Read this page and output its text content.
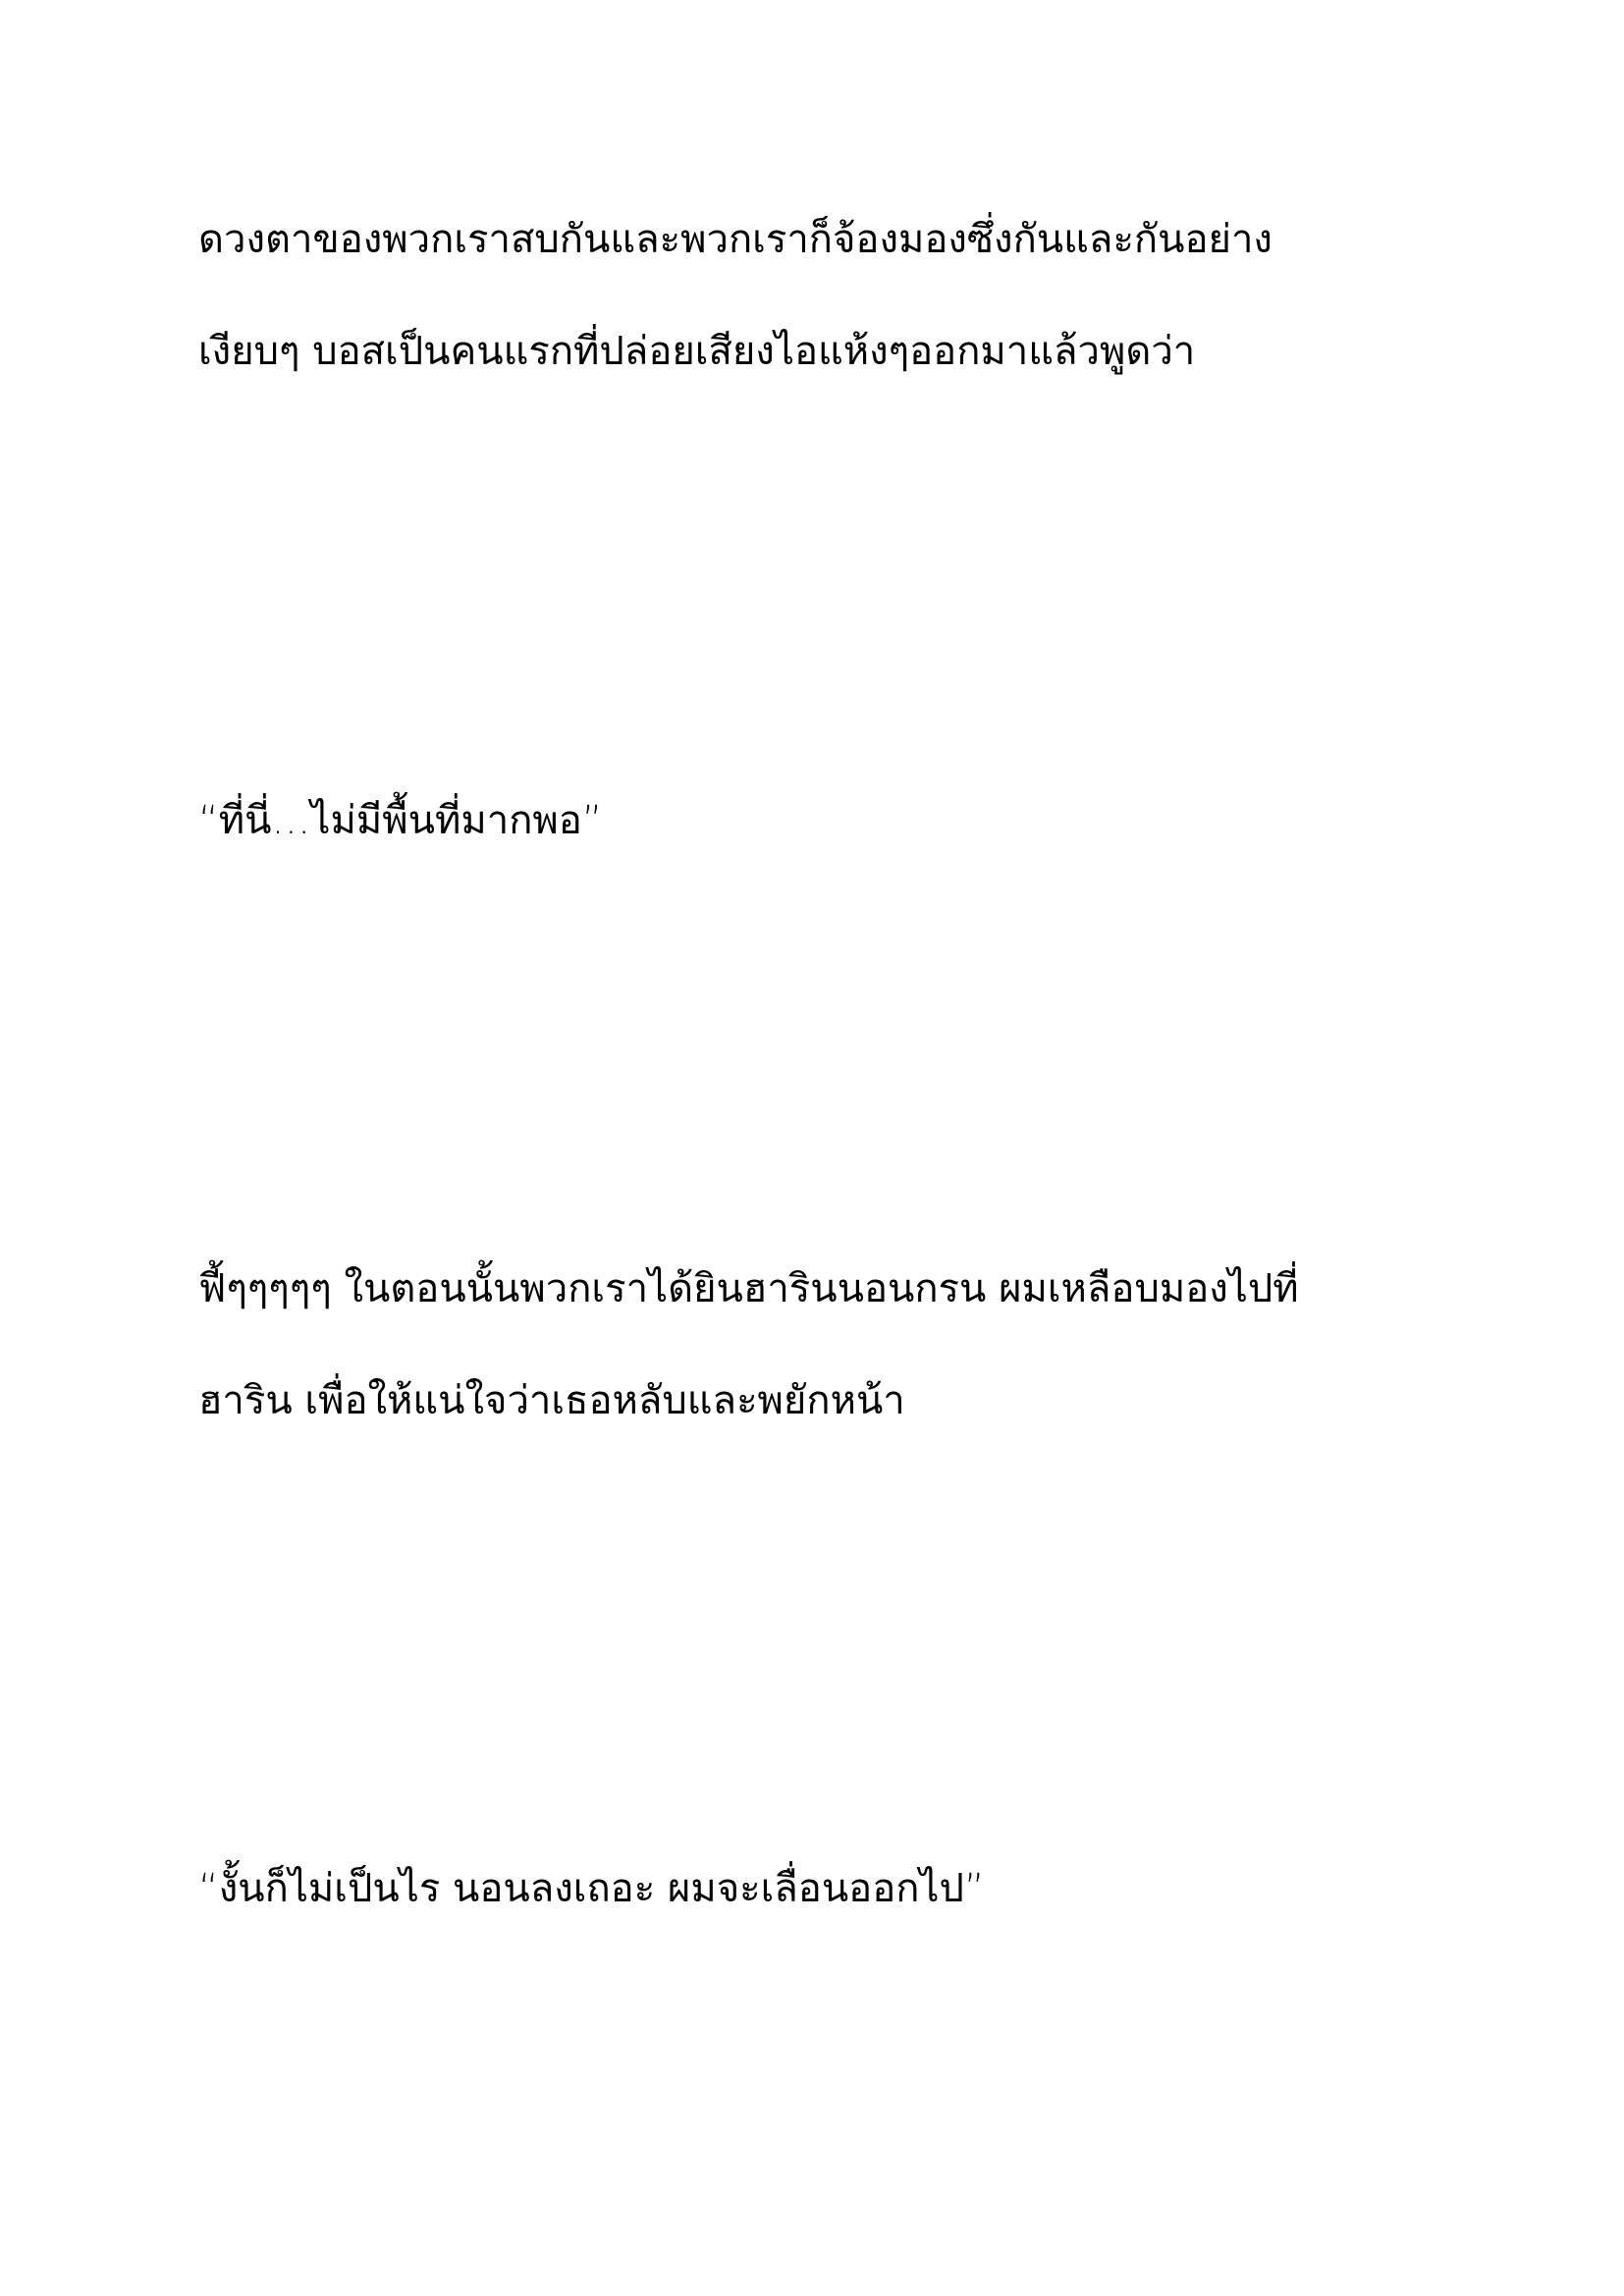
ดวงตาของพวกเราสบกันและพวกเราก็จ้องมองซึ่งกันและกันอย่าง
เงียบๆ บอสเป็นคนแรกที่ปล่อยเสียงไอแห้งๆออกมาแล้วพูดว่า
“ที่นี่…ไม่มีพื้นที่มากพอ”
ฟี้ๆๆๆๆๆ ในตอนนั้นพวกเราได้ยินฮารินนอนกรน ผมเหลือบมองไปที่
ฮาริน เพื่อให้แน่ใจว่าเธอหลับและพยักหน้า
“งั้นก็ไม่เป็นไร นอนลงเถอะ ผมจะเลื่อนออกไป”
